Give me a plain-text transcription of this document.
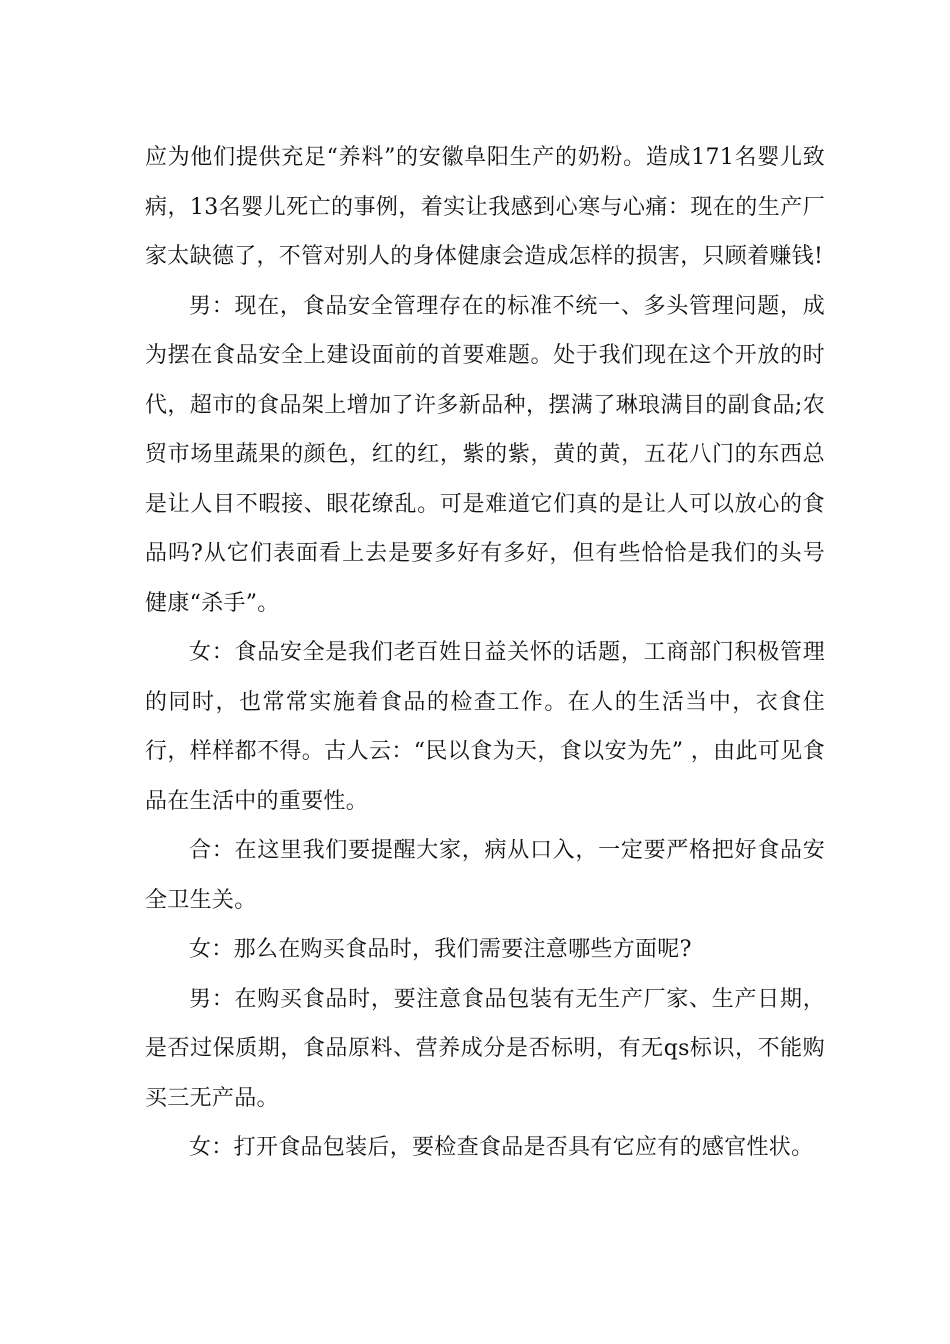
应为他们提供充足“养料”的安徽阜阳生产的奶粉。造成171名婴儿致病，13名婴儿死亡的事例，着实让我感到心寒与心痛：现在的生产厂家太缺德了，不管对别人的身体健康会造成怎样的损害，只顾着赚钱!

男：现在，食品安全管理存在的标准不统一、多头管理问题，成为摆在食品安全上建设面前的首要难题。处于我们现在这个开放的时代，超市的食品架上增加了许多新品种，摆满了琳琅满目的副食品;农贸市场里蔬果的颜色，红的红，紫的紫，黄的黄，五花八门的东西总是让人目不暇接、眼花缭乱。可是难道它们真的是让人可以放心的食品吗?从它们表面看上去是要多好有多好，但有些恰恰是我们的头号健康“杀手”。

女：食品安全是我们老百姓日益关怀的话题，工商部门积极管理的同时，也常常实施着食品的检查工作。在人的生活当中，衣食住行，样样都不得。古人云：“民以食为天，食以安为先” ，由此可见食品在生活中的重要性。

合：在这里我们要提醒大家，病从口入，一定要严格把好食品安全卫生关。

女：那么在购买食品时，我们需要注意哪些方面呢?

男：在购买食品时，要注意食品包装有无生产厂家、生产日期，是否过保质期，食品原料、营养成分是否标明，有无qs标识，不能购买三无产品。

女：打开食品包装后，要检查食品是否具有它应有的感官性状。
